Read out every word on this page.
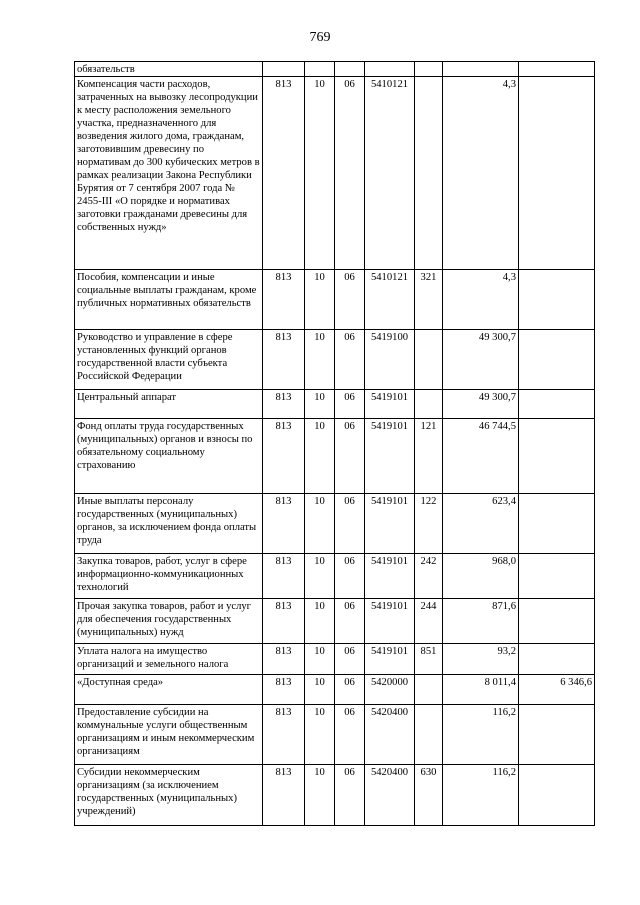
769
обязательств							
Компенсация части расходов, затраченных на вывозку лесопродукции к месту расположения земельного участка, предназначенного для возведения жилого дома, гражданам, заготовившим древесину по нормативам до 300 кубических метров в рамках реализации Закона Республики Бурятия от 7 сентября 2007 года № 2455-III «О порядке и нормативах заготовки гражданами древесины для собственных нужд»	813	10	06	5410121		4,3	
Пособия, компенсации и иные социальные выплаты гражданам, кроме публичных нормативных обязательств	813	10	06	5410121	321	4,3	
Руководство и управление в сфере установленных функций органов государственной власти субъекта Российской Федерации	813	10	06	5419100		49 300,7	
Центральный аппарат	813	10	06	5419101		49 300,7	
Фонд оплаты труда государственных (муниципальных) органов и взносы по обязательному социальному страхованию	813	10	06	5419101	121	46 744,5	
Иные выплаты персоналу государственных (муниципальных) органов, за исключением фонда оплаты труда	813	10	06	5419101	122	623,4	
Закупка товаров, работ, услуг в сфере информационно-коммуникационных технологий	813	10	06	5419101	242	968,0	
Прочая закупка товаров, работ и услуг для обеспечения государственных (муниципальных) нужд	813	10	06	5419101	244	871,6	
Уплата налога на имущество организаций и земельного налога	813	10	06	5419101	851	93,2	
«Доступная среда»	813	10	06	5420000		8 011,4	6 346,6
Предоставление субсидии на коммунальные услуги общественным организациям и иным некоммерческим организациям	813	10	06	5420400		116,2	
Субсидии некоммерческим организациям (за исключением государственных (муниципальных) учреждений)	813	10	06	5420400	630	116,2	
